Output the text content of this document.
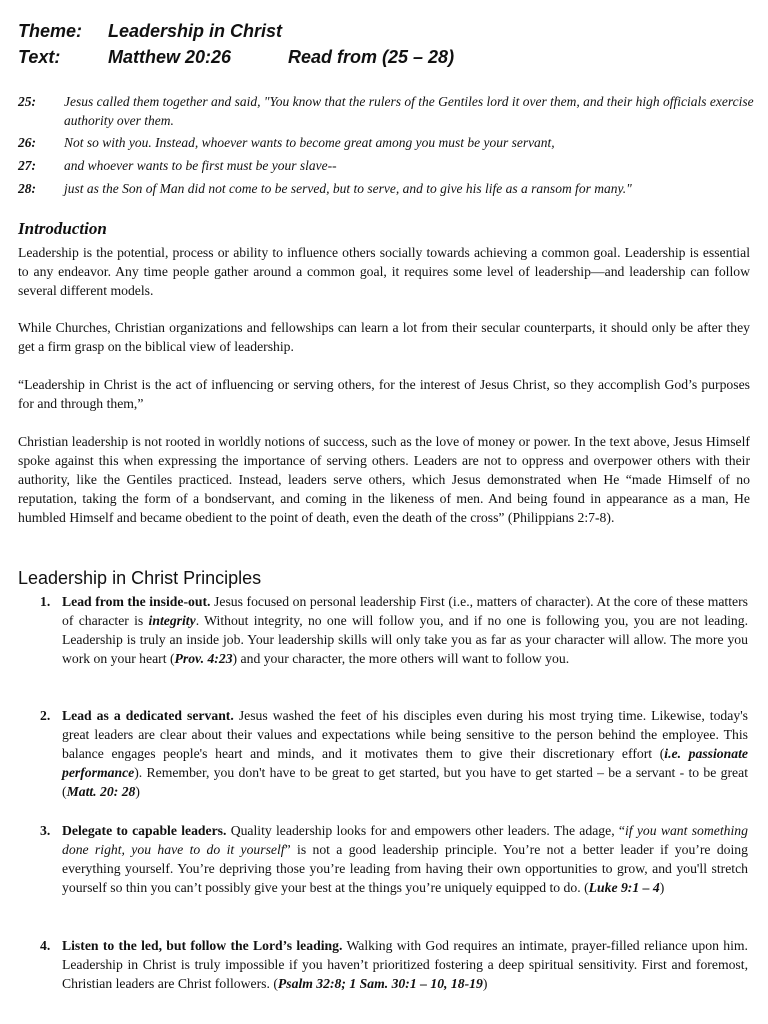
Theme: Leadership in Christ
Text:	Matthew 20:26	Read from (25 – 28)
25: Jesus called them together and said, "You know that the rulers of the Gentiles lord it over them, and their high officials exercise authority over them.
26: Not so with you. Instead, whoever wants to become great among you must be your servant,
27: and whoever wants to be first must be your slave--
28: just as the Son of Man did not come to be served, but to serve, and to give his life as a ransom for many."
Introduction
Leadership is the potential, process or ability to influence others socially towards achieving a common goal. Leadership is essential to any endeavor. Any time people gather around a common goal, it requires some level of leadership—and leadership can follow several different models.
While Churches, Christian organizations and fellowships can learn a lot from their secular counterparts, it should only be after they get a firm grasp on the biblical view of leadership.
“Leadership in Christ is the act of influencing or serving others, for the interest of Jesus Christ, so they accomplish God’s purposes for and through them,”
Christian leadership is not rooted in worldly notions of success, such as the love of money or power. In the text above, Jesus Himself spoke against this when expressing the importance of serving others. Leaders are not to oppress and overpower others with their authority, like the Gentiles practiced. Instead, leaders serve others, which Jesus demonstrated when He “made Himself of no reputation, taking the form of a bondservant, and coming in the likeness of men. And being found in appearance as a man, He humbled Himself and became obedient to the point of death, even the death of the cross” (Philippians 2:7-8).
Leadership in Christ Principles
1. Lead from the inside-out. Jesus focused on personal leadership First (i.e., matters of character). At the core of these matters of character is integrity. Without integrity, no one will follow you, and if no one is following you, you are not leading. Leadership is truly an inside job. Your leadership skills will only take you as far as your character will allow. The more you work on your heart (Prov. 4:23) and your character, the more others will want to follow you.
2. Lead as a dedicated servant. Jesus washed the feet of his disciples even during his most trying time. Likewise, today's great leaders are clear about their values and expectations while being sensitive to the person behind the employee. This balance engages people's heart and minds, and it motivates them to give their discretionary effort (i.e. passionate performance). Remember, you don't have to be great to get started, but you have to get started – be a servant - to be great (Matt. 20: 28)
3. Delegate to capable leaders. Quality leadership looks for and empowers other leaders. The adage, “if you want something done right, you have to do it yourself” is not a good leadership principle. You’re not a better leader if you’re doing everything yourself. You’re depriving those you’re leading from having their own opportunities to grow, and you'll stretch yourself so thin you can’t possibly give your best at the things you’re uniquely equipped to do. (Luke 9:1 – 4)
4. Listen to the led, but follow the Lord’s leading. Walking with God requires an intimate, prayer-filled reliance upon him. Leadership in Christ is truly impossible if you haven’t prioritized fostering a deep spiritual sensitivity. First and foremost, Christian leaders are Christ followers. (Psalm 32:8; 1 Sam. 30:1 – 10, 18-19)
